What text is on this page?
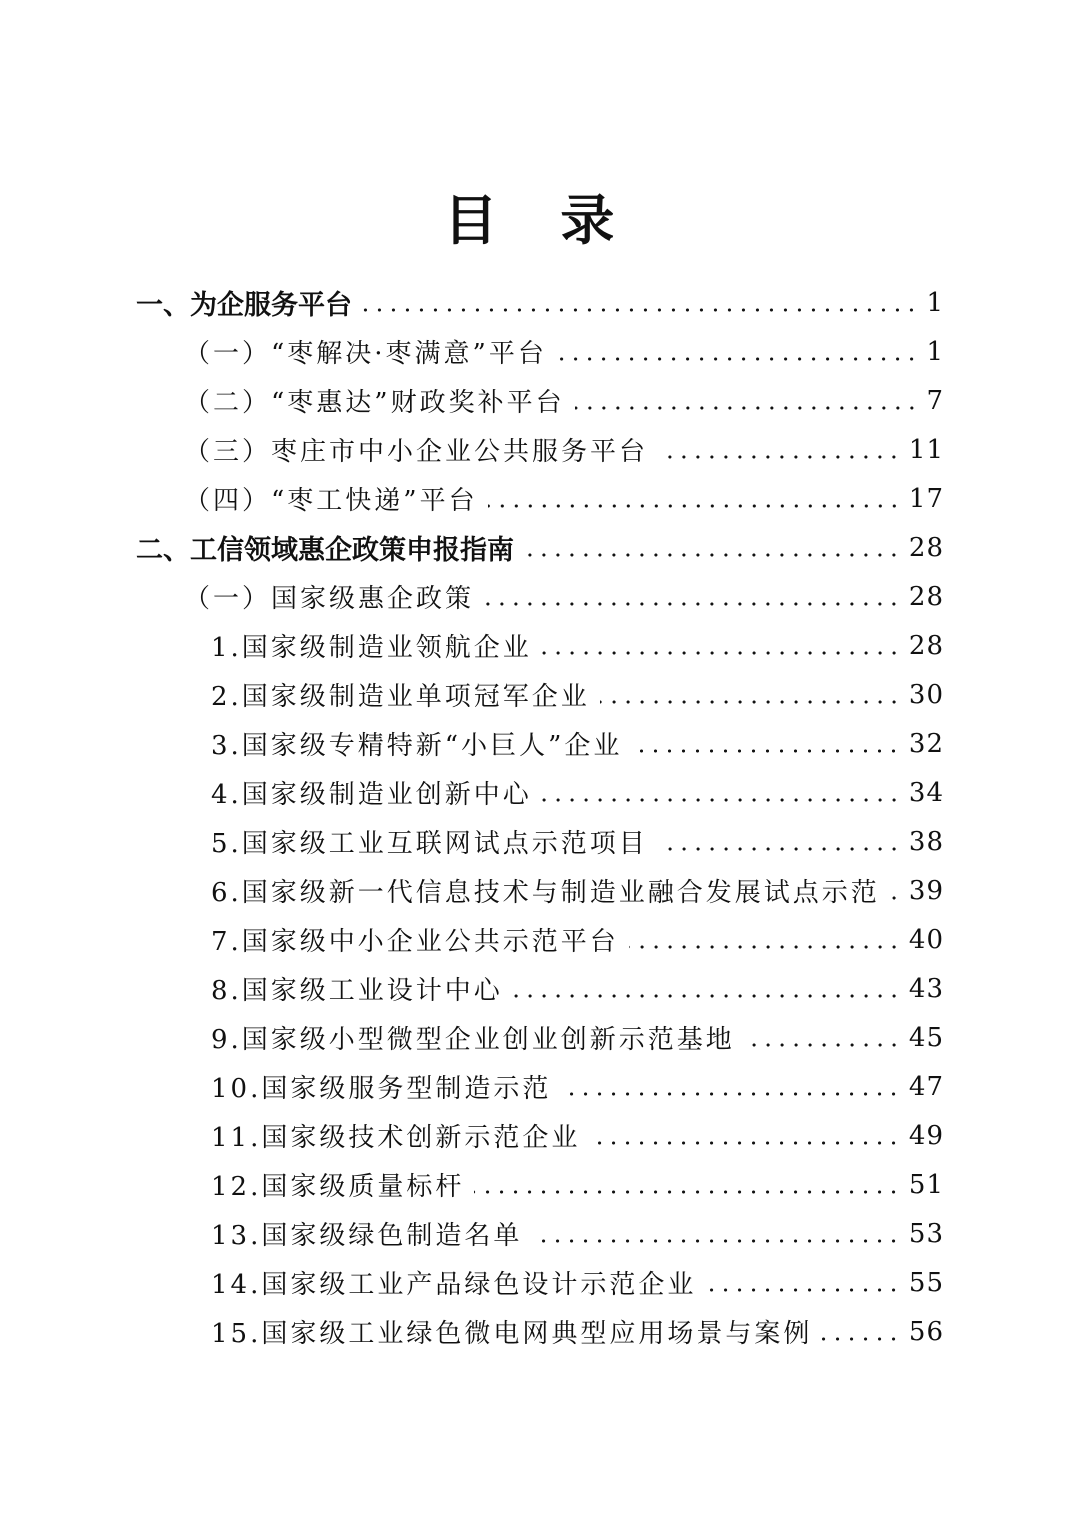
目 录
一、为企服务平台	1
（一）“枣解决·枣满意”平台	1
（二）“枣惠达”财政奖补平台	7
（三）枣庄市中小企业公共服务平台	11
（四）“枣工快递”平台	17
二、工信领域惠企政策申报指南	28
（一）国家级惠企政策	28
1.国家级制造业领航企业	28
2.国家级制造业单项冠军企业	30
3.国家级专精特新“小巨人”企业	32
4.国家级制造业创新中心	34
5.国家级工业互联网试点示范项目	38
6.国家级新一代信息技术与制造业融合发展试点示范 39
7.国家级中小企业公共示范平台	40
8.国家级工业设计中心	43
9.国家级小型微型企业创业创新示范基地	45
10.国家级服务型制造示范	47
11.国家级技术创新示范企业	49
12.国家级质量标杆	51
13.国家级绿色制造名单	53
14.国家级工业产品绿色设计示范企业	55
15.国家级工业绿色微电网典型应用场景与案例	56
